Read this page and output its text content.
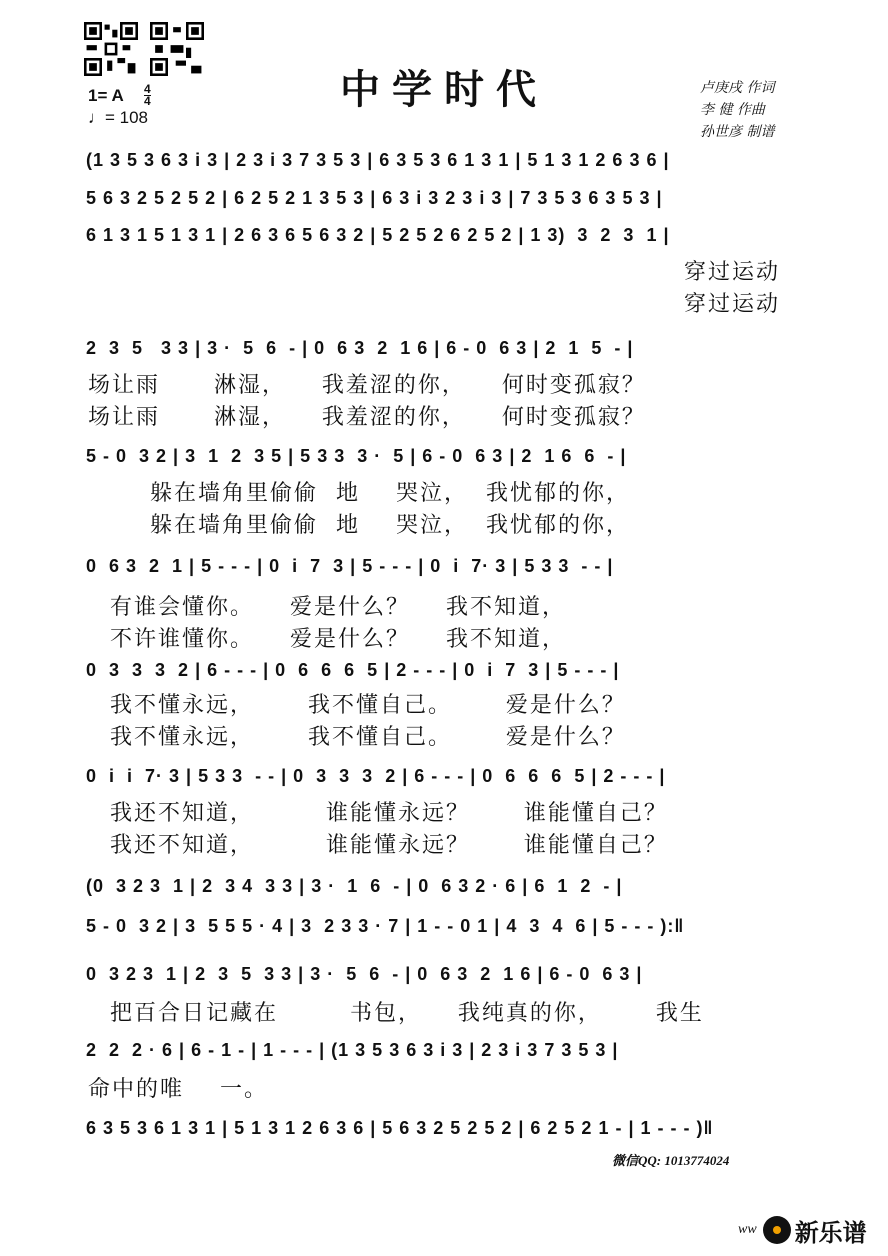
中学时代
1= A $\frac{4}{4}$
♩= 108
卢庚戌 作词
李 健 作曲
孙世彦 制谱
(1 3 5 3 6 3 i 3 | 2 3 i 3 7 3 5 3 | 6 3 5 3 6 1 3 1 | 5 1 3 1 2 6 3 6 |
5 6 3 2 5 2 5 2 | 6 2 5 2 1 3 5 3 | 6 3 i 3 2 3 i 3 | 7 3 5 3 6 3 5 3 |
6 1 3 1 5 1 3 1 | 2 6 3 6 5 6 3 2 | 5 2 5 2 6 2 5 2 | 1 3)  3  2  3  1 |
穿过运动
穿过运动
2  3  5   3 3 | 3 ·  5  6  - | 0  6 3  2  1 6 | 6 - 0  6 3 | 2  1  5  - |
场让雨      淋湿，    我羞涩的你，    何时变孤寂？
场让雨      淋湿，    我羞涩的你，    何时变孤寂？
5 - 0  3 2 | 3  1  2  3 5 | 5 3 3  3 ·  5 | 6 - 0  6 3 | 2  1 6  6  - |
躲在墙角里偷偷  地    哭泣，  我忧郁的你，
躲在墙角里偷偷  地    哭泣，  我忧郁的你，
0  6 3  2  1 | 5 - - - | 0  i  7  3 | 5 - - - | 0  i  7· 3 | 5 3 3  - - |
有谁会懂你。    爱是什么？    我不知道，
不许谁懂你。    爱是什么？    我不知道，
0  3  3  3  2 | 6 - - - | 0  6  6  6  5 | 2 - - - | 0  i  7  3 | 5 - - - |
我不懂永远，      我不懂自己。      爱是什么？
我不懂永远，      我不懂自己。      爱是什么？
0  i  i  7· 3 | 5 3 3  - - | 0  3  3  3  2 | 6 - - - | 0  6  6  6  5 | 2 - - - |
我还不知道，        谁能懂永远？      谁能懂自己？
我还不知道，        谁能懂永远？      谁能懂自己？
(0  3 2 3  1 | 2  3 4  3 3 | 3 ·  1  6  - | 0  6 3 2 · 6 | 6  1  2  - |
5 - 0  3 2 | 3  5 5 5 · 4 | 3  2 3 3 · 7 | 1 - - 0 1 | 4  3  4  6 | 5 - - - ):‖
0  3 2 3  1 | 2  3  5  3 3 | 3 ·  5  6  - | 0  6 3  2  1 6 | 6 - 0  6 3 |
把百合日记藏在        书包，    我纯真的你，      我生
2  2  2 · 6 | 6 - 1 - | 1 - - - | (1 3 5 3 6 3 i 3 | 2 3 i 3 7 3 5 3 |
命中的唯    一。
6 3 5 3 6 1 3 1 | 5 1 3 1 2 6 3 6 | 5 6 3 2 5 2 5 2 | 6 2 5 2 1 - | 1 - - - )‖
微信QQ: 1013774024
ww 新乐谱
